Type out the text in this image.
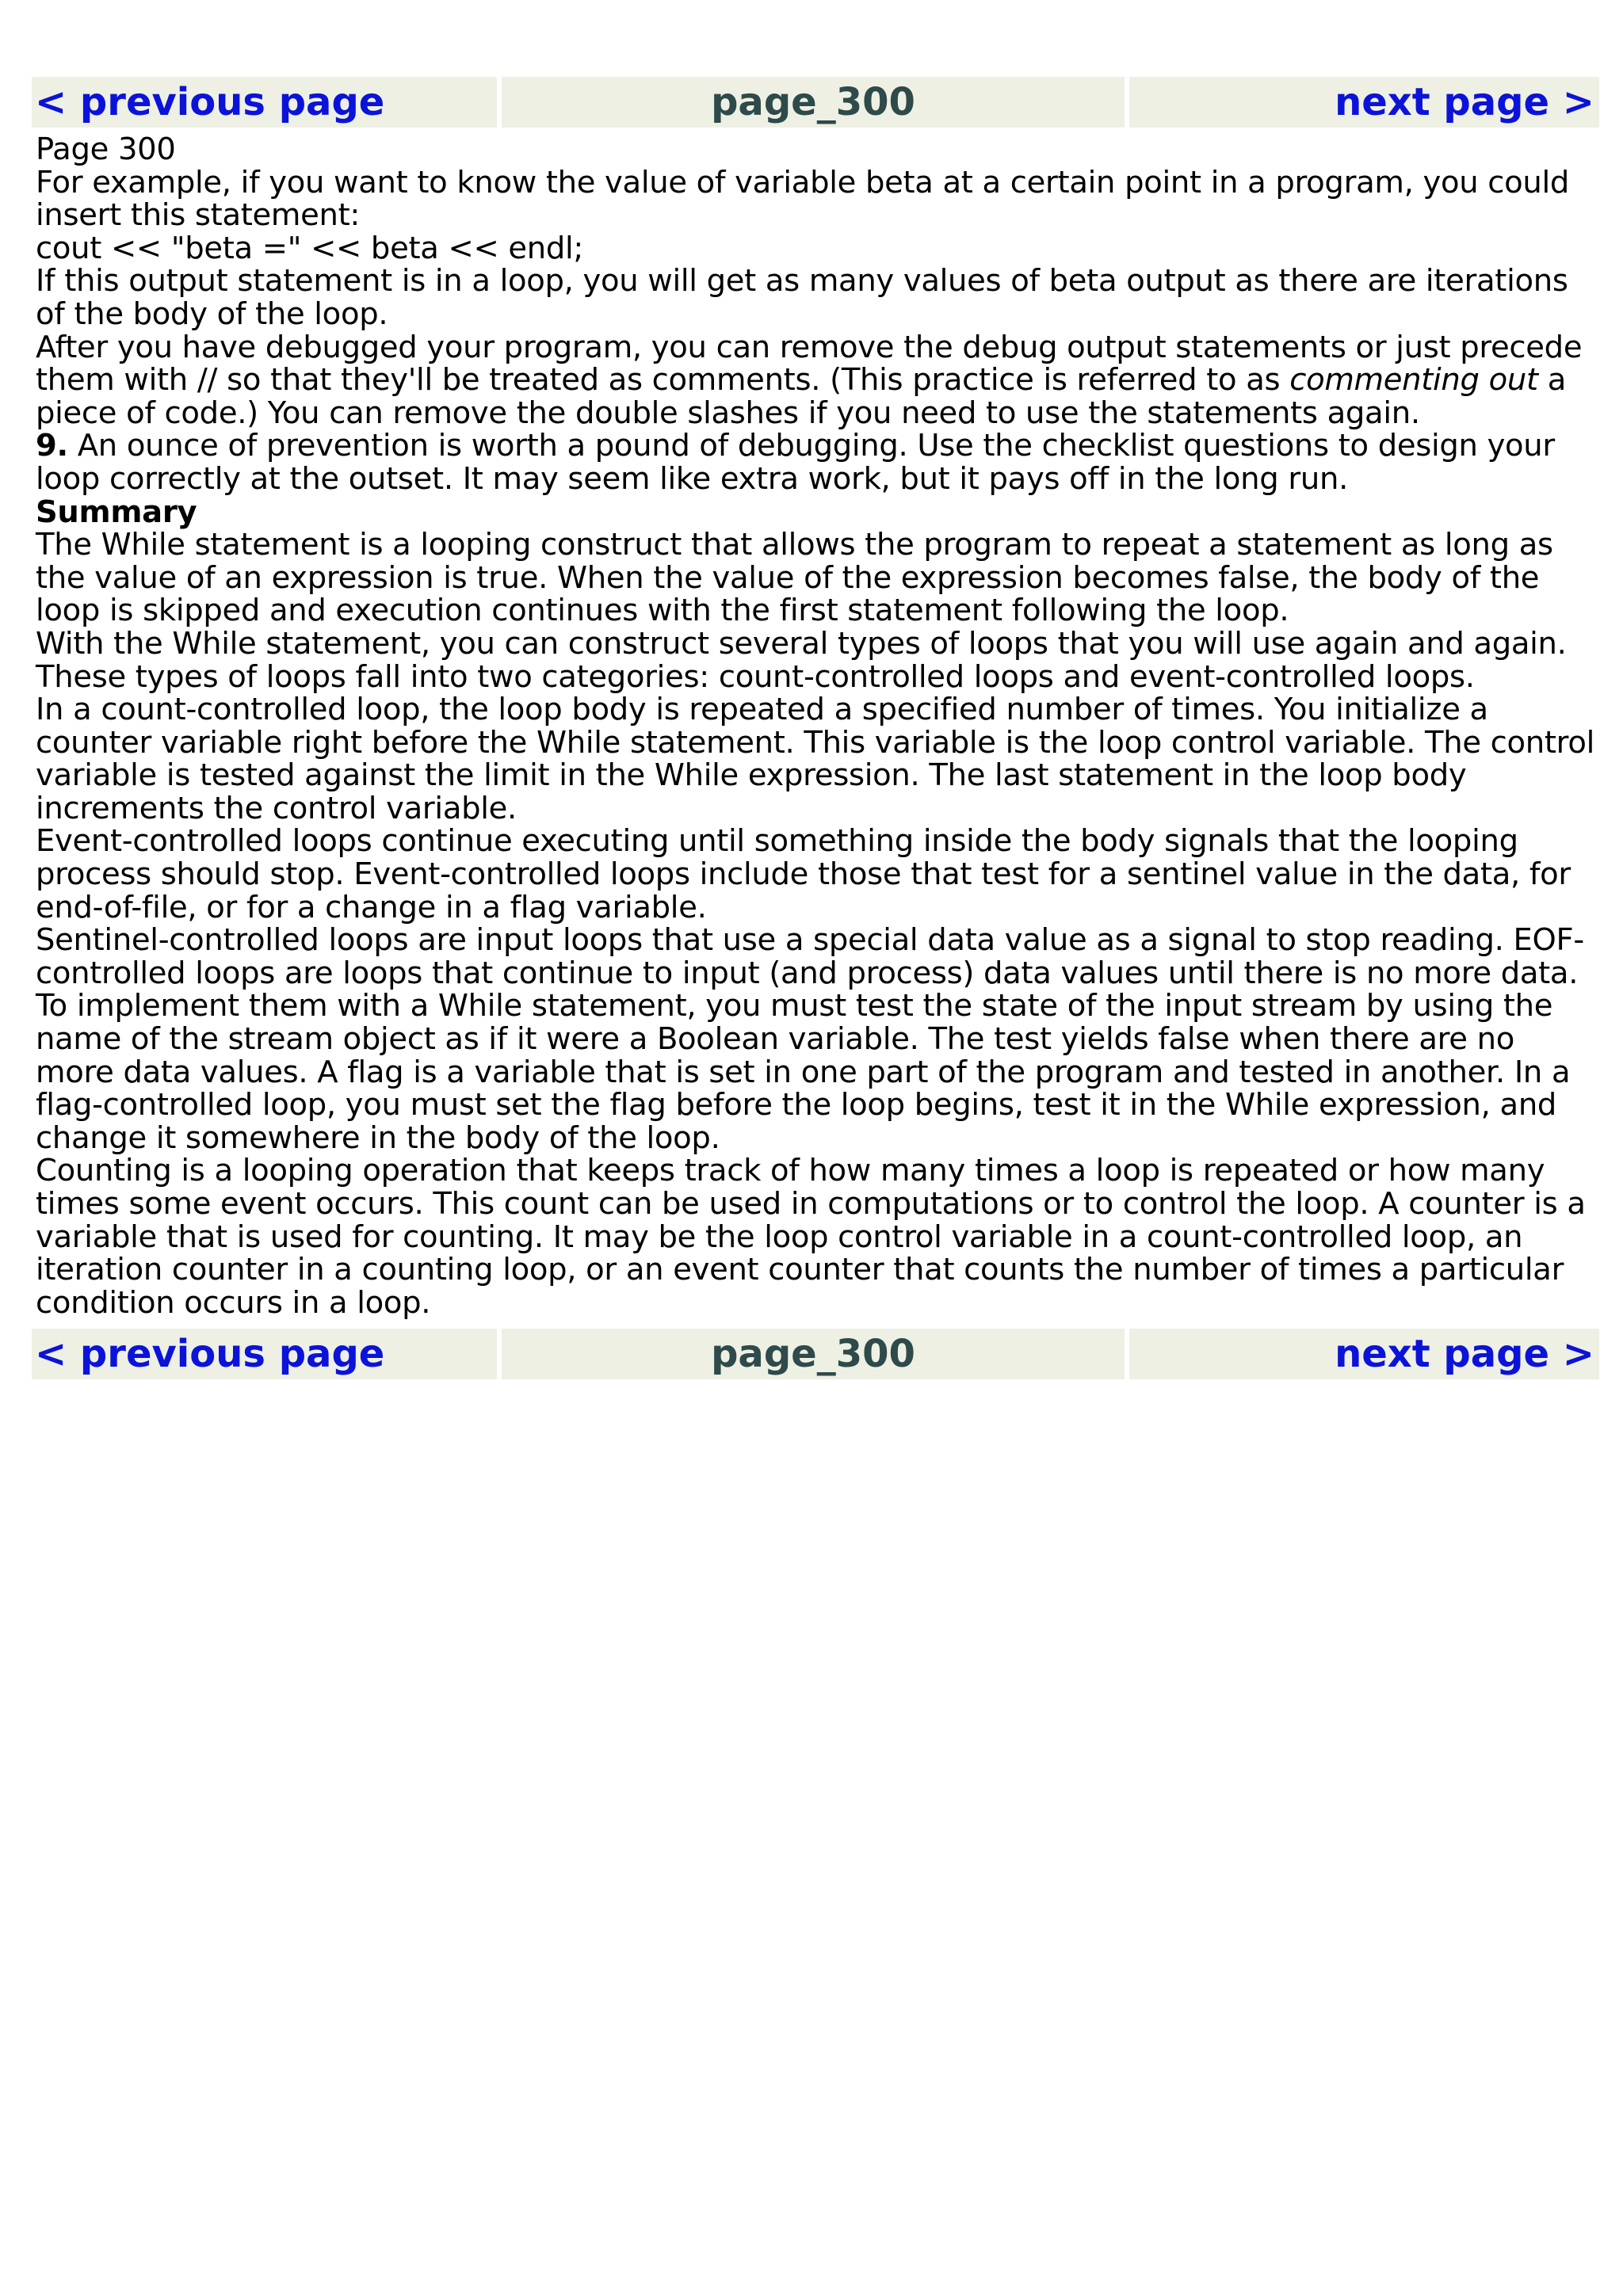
< previous page	page_300	next page >

Page 300

For example, if you want to know the value of variable beta at a certain point in a program, you could insert this statement:

cout << "beta =" << beta << endl;

If this output statement is in a loop, you will get as many values of beta output as there are iterations of the body of the loop.

After you have debugged your program, you can remove the debug output statements or just precede them with // so that they'll be treated as comments. (This practice is referred to as commenting out a piece of code.) You can remove the double slashes if you need to use the statements again.

9. An ounce of prevention is worth a pound of debugging. Use the checklist questions to design your loop correctly at the outset. It may seem like extra work, but it pays off in the long run.

Summary

The While statement is a looping construct that allows the program to repeat a statement as long as the value of an expression is true. When the value of the expression becomes false, the body of the loop is skipped and execution continues with the first statement following the loop.

With the While statement, you can construct several types of loops that you will use again and again. These types of loops fall into two categories: count-controlled loops and event-controlled loops.

In a count-controlled loop, the loop body is repeated a specified number of times. You initialize a counter variable right before the While statement. This variable is the loop control variable. The control variable is tested against the limit in the While expression. The last statement in the loop body increments the control variable.

Event-controlled loops continue executing until something inside the body signals that the looping process should stop. Event-controlled loops include those that test for a sentinel value in the data, for end-of-file, or for a change in a flag variable.

Sentinel-controlled loops are input loops that use a special data value as a signal to stop reading. EOF-controlled loops are loops that continue to input (and process) data values until there is no more data. To implement them with a While statement, you must test the state of the input stream by using the name of the stream object as if it were a Boolean variable. The test yields false when there are no more data values. A flag is a variable that is set in one part of the program and tested in another. In a flag-controlled loop, you must set the flag before the loop begins, test it in the While expression, and change it somewhere in the body of the loop.

Counting is a looping operation that keeps track of how many times a loop is repeated or how many times some event occurs. This count can be used in computations or to control the loop. A counter is a variable that is used for counting. It may be the loop control variable in a count-controlled loop, an iteration counter in a counting loop, or an event counter that counts the number of times a particular condition occurs in a loop.

< previous page	page_300	next page >
